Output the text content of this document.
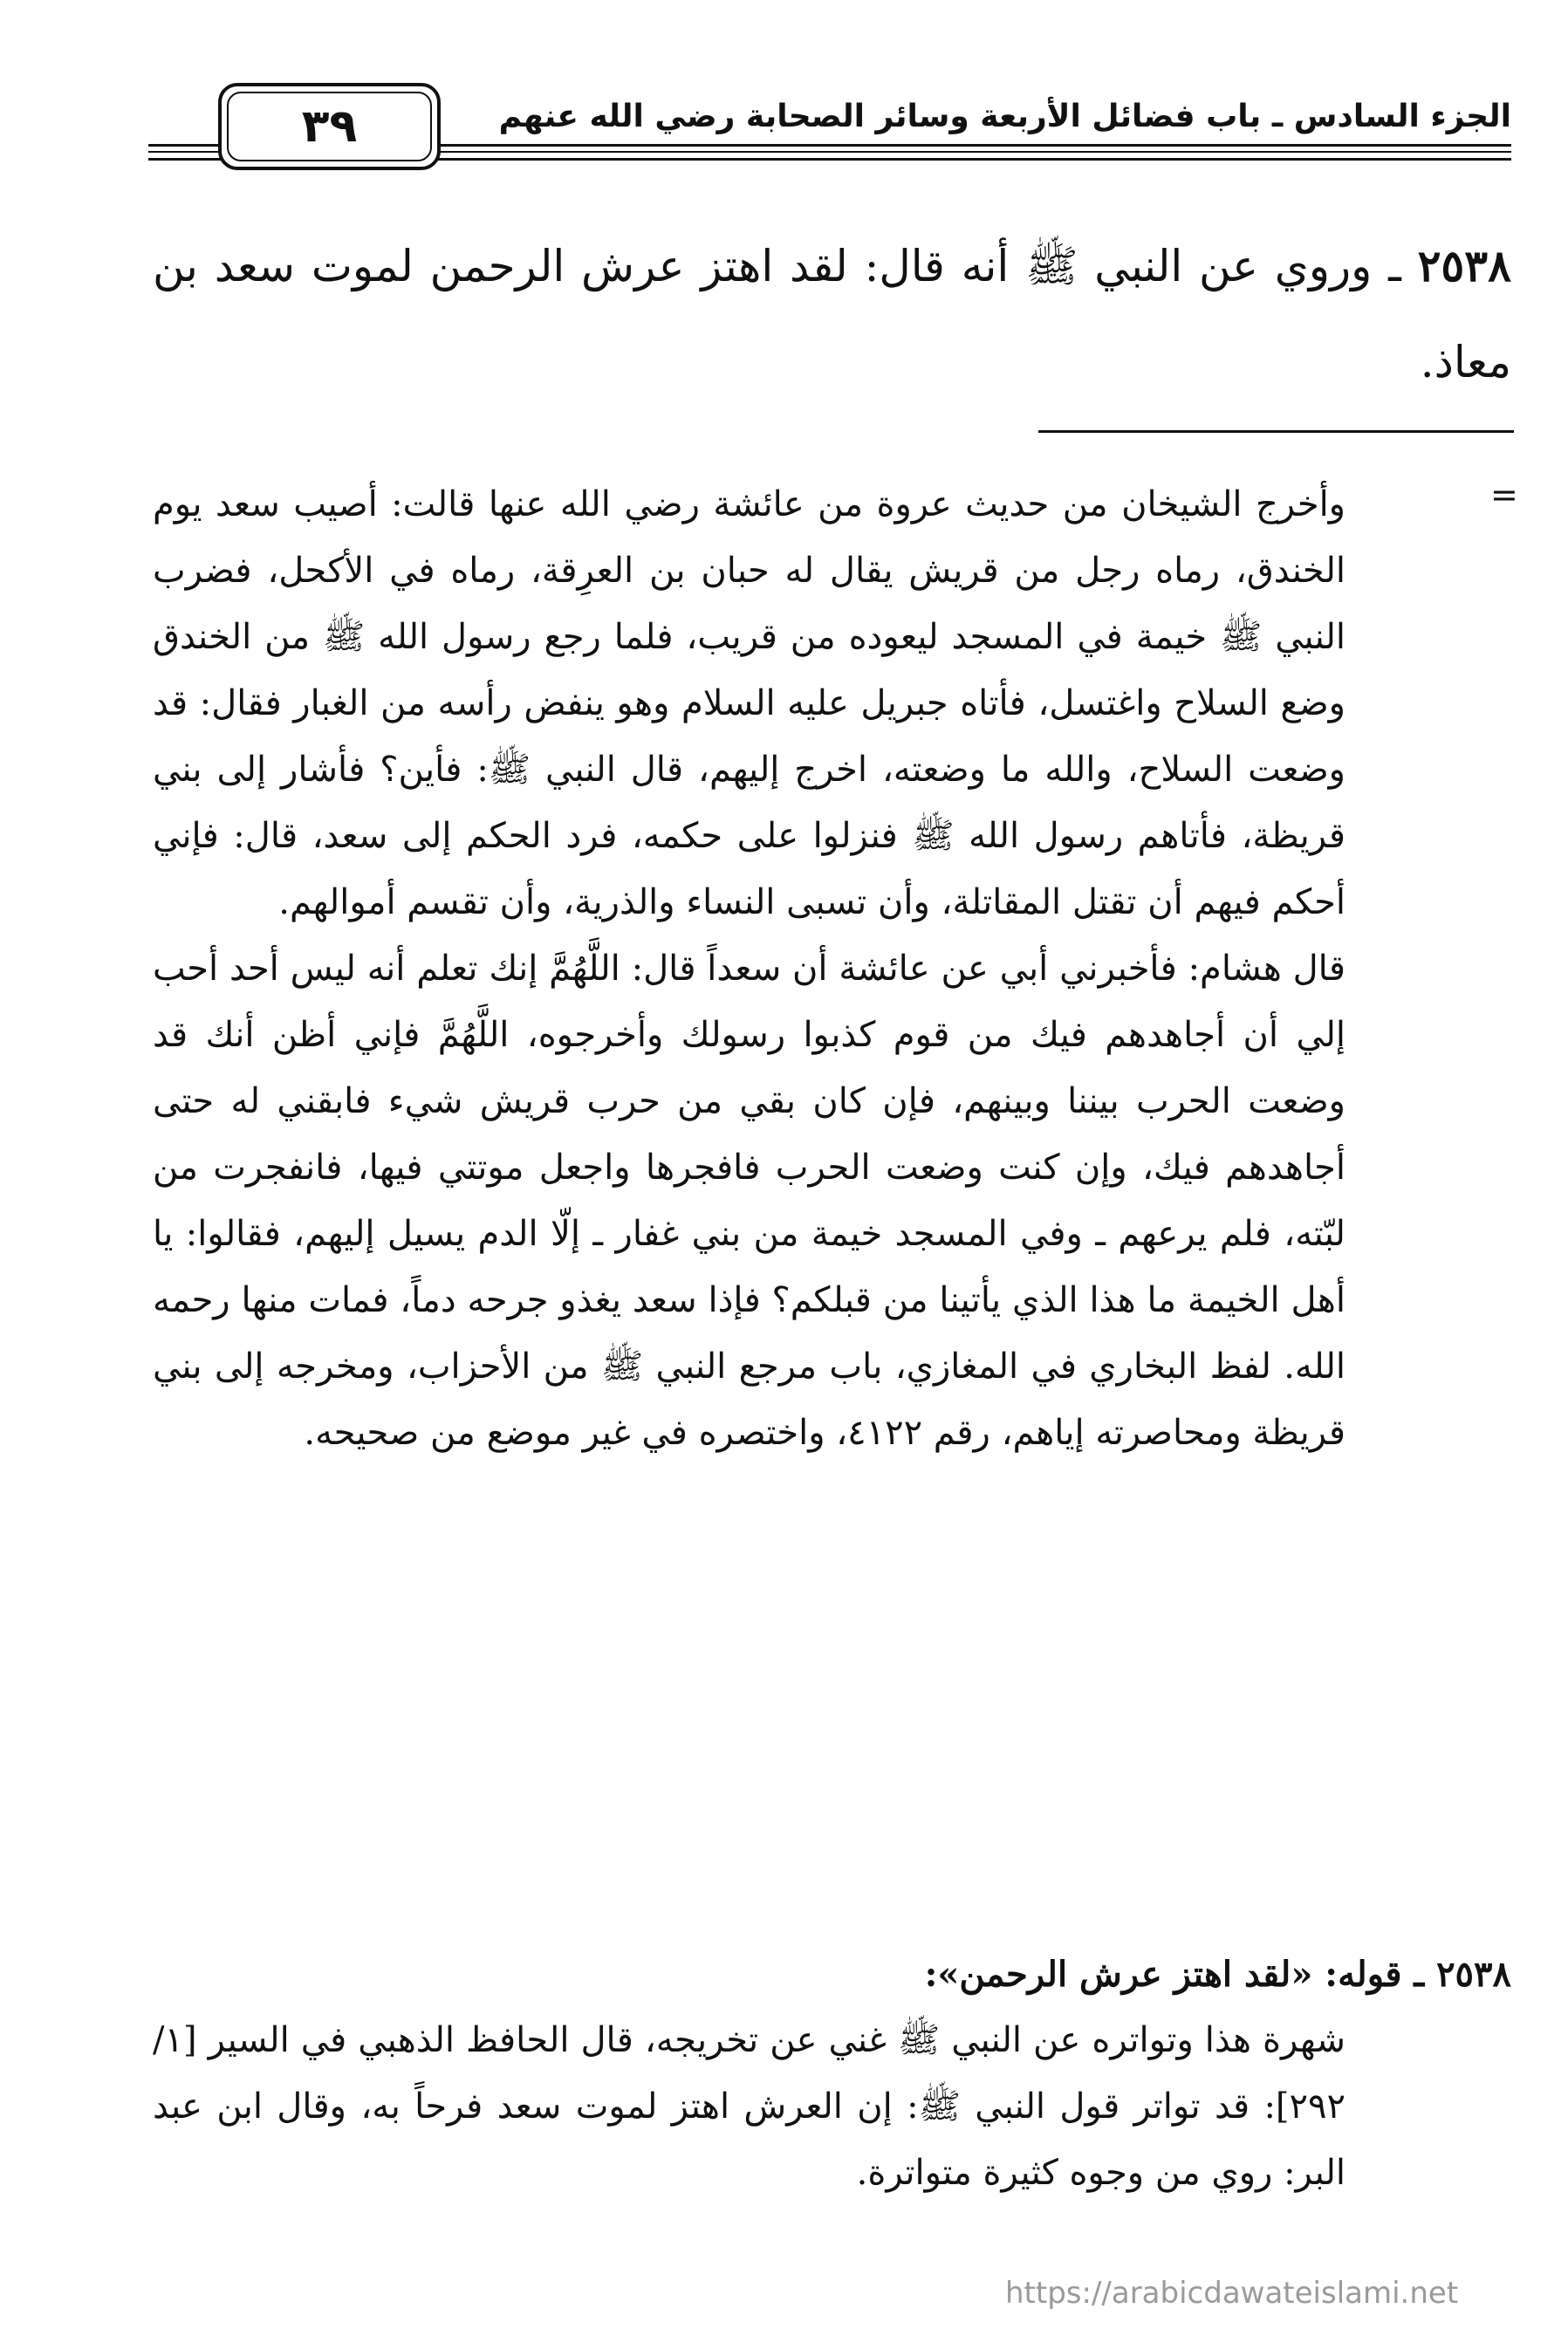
الجزء السادس ـ باب فضائل الأربعة وسائر الصحابة رضي الله عنهم
٣٩
٢٥٣٨ ـ وروي عن النبي ﷺ أنه قال: لقد اهتز عرش الرحمن لموت سعد بن معاذ.
=

وأخرج الشيخان من حديث عروة من عائشة رضي الله عنها قالت: أصيب سعد يوم الخندق، رماه رجل من قريش يقال له حبان بن العرِقة، رماه في الأكحل، فضرب النبي ﷺ خيمة في المسجد ليعوده من قريب، فلما رجع رسول الله ﷺ من الخندق وضع السلاح واغتسل، فأتاه جبريل عليه السلام وهو ينفض رأسه من الغبار فقال: قد وضعت السلاح، والله ما وضعته، اخرج إليهم، قال النبي ﷺ: فأين؟ فأشار إلى بني قريظة، فأتاهم رسول الله ﷺ فنزلوا على حكمه، فرد الحكم إلى سعد، قال: فإني أحكم فيهم أن تقتل المقاتلة، وأن تسبى النساء والذرية، وأن تقسم أموالهم.

قال هشام: فأخبرني أبي عن عائشة أن سعداً قال: اللَّهُمَّ إنك تعلم أنه ليس أحد أحب إلي أن أجاهدهم فيك من قوم كذبوا رسولك وأخرجوه، اللَّهُمَّ فإني أظن أنك قد وضعت الحرب بيننا وبينهم، فإن كان بقي من حرب قريش شيء فابقني له حتى أجاهدهم فيك، وإن كنت وضعت الحرب فافجرها واجعل موتتي فيها، فانفجرت من لبّته، فلم يرعهم ـ وفي المسجد خيمة من بني غفار ـ إلّا الدم يسيل إليهم، فقالوا: يا أهل الخيمة ما هذا الذي يأتينا من قبلكم؟ فإذا سعد يغذو جرحه دماً، فمات منها رحمه الله. لفظ البخاري في المغازي، باب مرجع النبي ﷺ من الأحزاب، ومخرجه إلى بني قريظة ومحاصرته إياهم، رقم ٤١٢٢، واختصره في غير موضع من صحيحه.

٢٥٣٨ ـ قوله: «لقد اهتز عرش الرحمن»:
شهرة هذا وتواتره عن النبي ﷺ غني عن تخريجه، قال الحافظ الذهبي في السير [١/ ٢٩٢]: قد تواتر قول النبي ﷺ: إن العرش اهتز لموت سعد فرحاً به، وقال ابن عبد البر: روي من وجوه كثيرة متواترة.
https://arabicdawateislami.net
